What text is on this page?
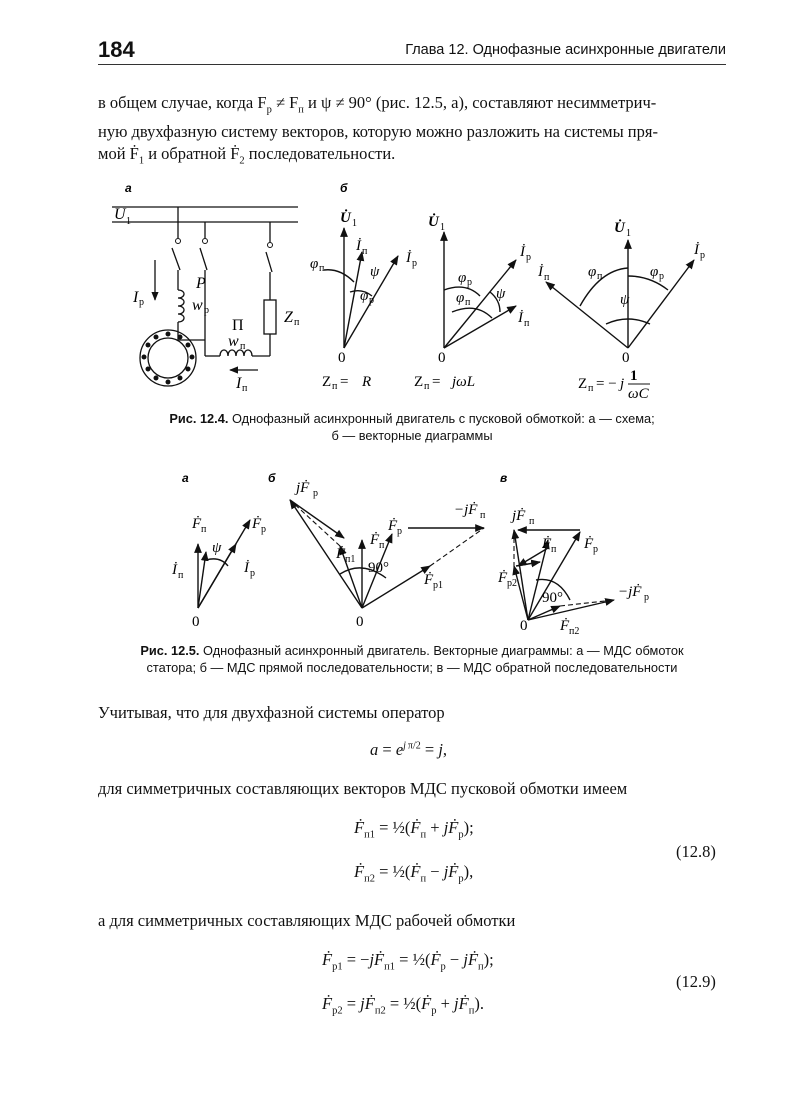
184	Глава 12. Однофазные асинхронные двигатели
в общем случае, когда $F_р \ne F_п$ и ψ ≠ 90° (рис. 12.5, а), составляют несимметрич-
ную двухфазную систему векторов, которую можно разложить на системы пря-
мой Ḟ$_1$ и обратной Ḟ$_2$ последовательности.
а
U 1
P
w р
I р
П
w п
Z п
I п
б
U̇ 1
İ п	İ р
φ п	ψ
φ р
0
Z п = R
U̇ 1
İ р
φ р
φ п
ψ
İ п
0
Z п = jωL
U̇ 1
İ р
İ п	φ п	φ р
ψ
0
Z п = − j 1
ωC
Рис. 12.4. Однофазный асинхронный двигатель с пусковой обмоткой: а — схема;
б — векторные диаграммы
а	б	в
Ḟ п	Ḟ р
İ п	İ р
ψ
0
jḞ р
−jḞ п
Ḟ п
Ḟ р
Ḟ п1
90°
Ḟ р1
0
jḞ п
Ḟ п Ḟ р
Ḟ р2
90°	−jḞ р
Ḟ п2
0
Рис. 12.5. Однофазный асинхронный двигатель. Векторные диаграммы: а — МДС обмоток
статора; б — МДС прямой последовательности; в — МДС обратной последовательности
Учитывая, что для двухфазной системы оператор
$a = e^{j \pi/2} = j$,
для симметричных составляющих векторов МДС пусковой обмотки имеем
Ḟ$_{п1}$ = ½(Ḟ$_п$ + jḞ$_р$);
Ḟ$_{п2}$ = ½(Ḟ$_п$ − jḞ$_р$),
(12.8)
а для симметричных составляющих МДС рабочей обмотки
Ḟ$_{р1}$ = −jḞ$_{п1}$ = ½(Ḟ$_р$ − jḞ$_п$);
Ḟ$_{р2}$ = jḞ$_{п2}$ = ½(Ḟ$_р$ + jḞ$_п$).
(12.9)
